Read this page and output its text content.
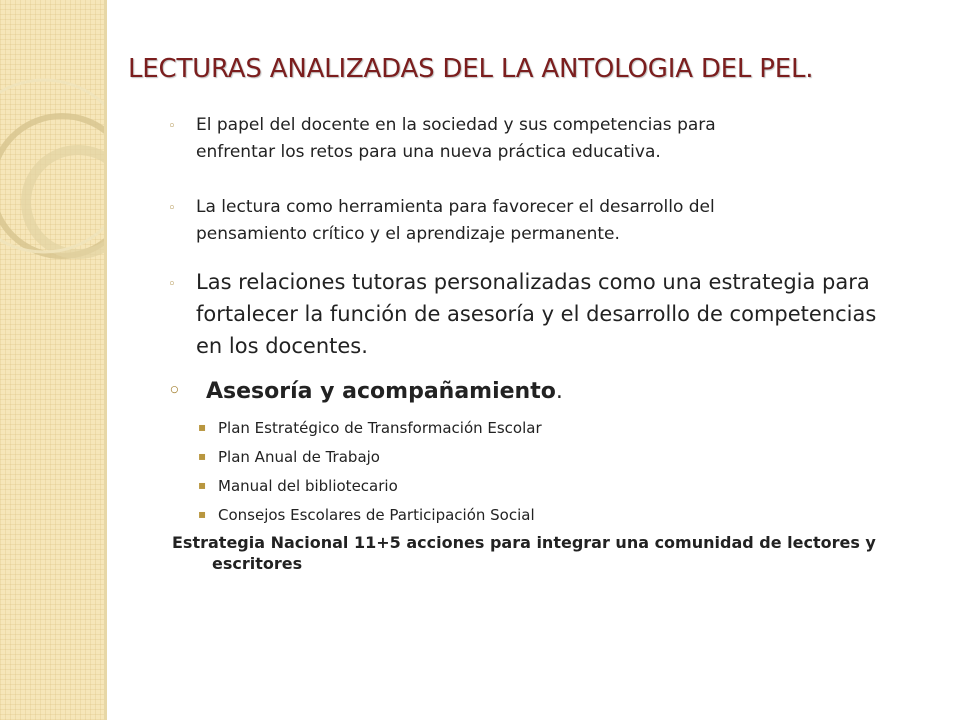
LECTURAS ANALIZADAS DEL LA ANTOLOGIA DEL PEL.
◦ El papel del docente en la sociedad y sus competencias para enfrentar los retos para una nueva práctica educativa.
◦ La lectura como herramienta para favorecer el desarrollo del pensamiento crítico y el aprendizaje permanente.
◦ Las relaciones tutoras personalizadas como una estrategia para fortalecer la función de asesoría y el desarrollo de competencias en los docentes.
◦ Asesoría y acompañamiento.
▪ Plan Estratégico de Transformación Escolar
▪ Plan Anual de Trabajo
▪ Manual del bibliotecario
▪ Consejos Escolares de Participación Social
Estrategia Nacional 11+5 acciones para integrar una comunidad de lectores y escritores
